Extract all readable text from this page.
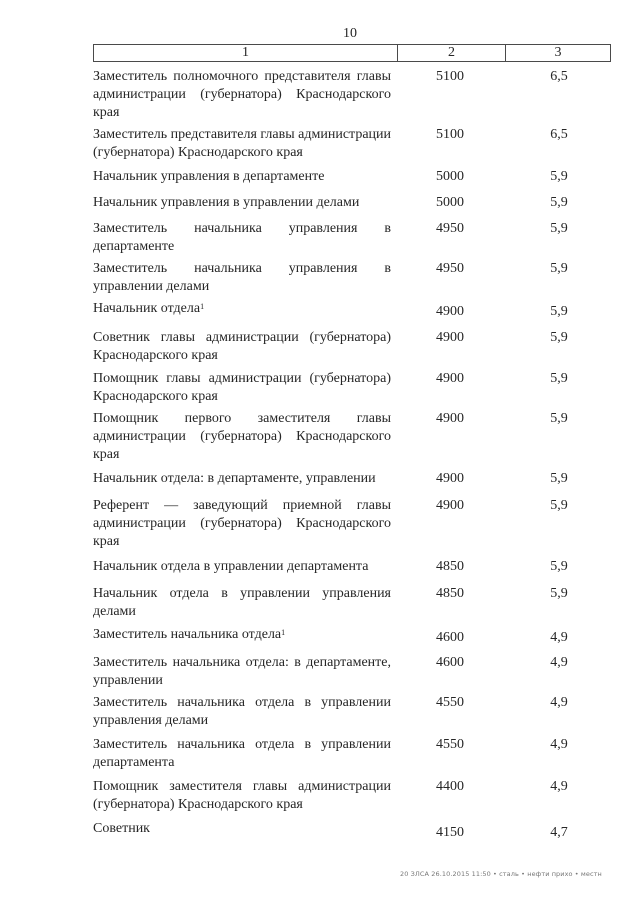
10
1	2	3
Заместитель полномочного представителя главы администрации (губернатора) Краснодарского края
5100	6,5
Заместитель представителя главы администрации (губернатора) Краснодарского края
5100	6,5
Начальник управления в департаменте	5000	5,9
Начальник управления в управлении делами	5000	5,9
Заместитель начальника управления в департаменте
4950	5,9
Заместитель начальника управления в управлении делами
4950	5,9
Начальник отдела$^1$	4900	5,9
Советник главы администрации (губернатора) Краснодарского края
4900	5,9
Помощник главы администрации (губернатора) Краснодарского края
4900	5,9
Помощник первого заместителя главы администрации (губернатора) Краснодарского края
4900	5,9
Начальник отдела: в департаменте, управлении	4900	5,9
Референт — заведующий приемной главы администрации (губернатора) Краснодарского края
4900	5,9
Начальник отдела в управлении департамента	4850	5,9
Начальник отдела в управлении управления делами
4850	5,9
Заместитель начальника отдела$^1$	4600	4,9
Заместитель начальника отдела: в департаменте, управлении
4600	4,9
Заместитель начальника отдела в управлении управления делами
4550	4,9
Заместитель начальника отдела в управлении департамента
4550	4,9
Помощник заместителя главы администрации (губернатора) Краснодарского края
4400	4,9
Советник	4150	4,7
20 ЗЛСА 26.10.2015 11:50 • сталь • нефти прихо • местн
